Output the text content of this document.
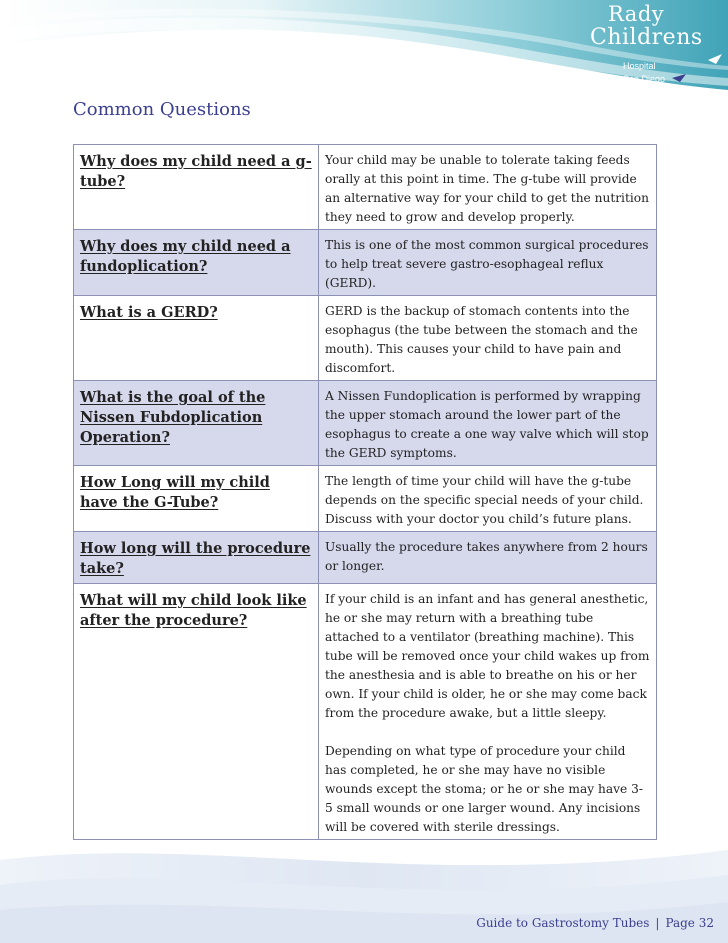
Rady
Childrens
Hospital
San Diego
Common Questions
Why does my child need a g-tube?	Your child may be unable to tolerate taking feeds orally at this point in time. The g-tube will provide an alternative way for your child to get the nutrition they need to grow and develop properly.

Why does my child need a fundoplication?	This is one of the most common surgical procedures to help treat severe gastro-esophageal reflux (GERD).

What is a GERD?	GERD is the backup of stomach contents into the esophagus (the tube between the stomach and the mouth). This causes your child to have pain and discomfort.

What is the goal of the Nissen Fubdoplication Operation?	A Nissen Fundoplication is performed by wrapping the upper stomach around the lower part of the esophagus to create a one way valve which will stop the GERD symptoms.

How Long will my child have the G-Tube?	The length of time your child will have the g-tube depends on the specific special needs of your child. Discuss with your doctor you child’s future plans.

How long will the procedure take?	Usually the procedure takes anywhere from 2 hours or longer.

What will my child look like after the procedure?	If your child is an infant and has general anesthetic, he or she may return with a breathing tube attached to a ventilator (breathing machine). This tube will be removed once your child wakes up from the anesthesia and is able to breathe on his or her own. If your child is older, he or she may come back from the procedure awake, but a little sleepy.

Depending on what type of procedure your child has completed, he or she may have no visible wounds except the stoma; or he or she may have 3-5 small wounds or one larger wound. Any incisions will be covered with sterile dressings.

Guide to Gastrostomy Tubes | Page 32
